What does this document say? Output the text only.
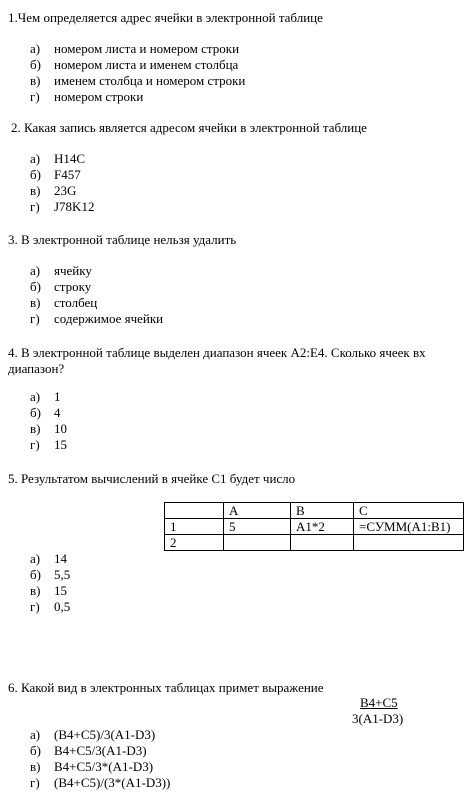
1.Чем определяется адрес ячейки в электронной таблице
а) номером листа и номером строки
б) номером листа и именем столбца
в) именем столбца и номером строки
г) номером строки
2. Какая запись является адресом ячейки в электронной таблице
а) H14C
б) F457
в) 23G
г) J78K12
3. В электронной таблице нельзя удалить
а) ячейку
б) строку
в) столбец
г) содержимое ячейки
4. В электронной таблице выделен диапазон ячеек A2:E4. Сколько ячеек вх
диапазон?
а) 1
б) 4
в) 10
г) 15
5. Результатом вычислений в ячейке С1 будет число
	A	B	C
1	5	A1*2	=СУММ(A1:B1)
2			
а) 14
б) 5,5
в) 15
г) 0,5
6. Какой вид в электронных таблицах примет выражение
B4+C5
3(A1-D3)
а) (B4+C5)/3(A1-D3)
б) B4+C5/3(A1-D3)
в) B4+C5/3*(A1-D3)
г) (B4+C5)/(3*(A1-D3))
